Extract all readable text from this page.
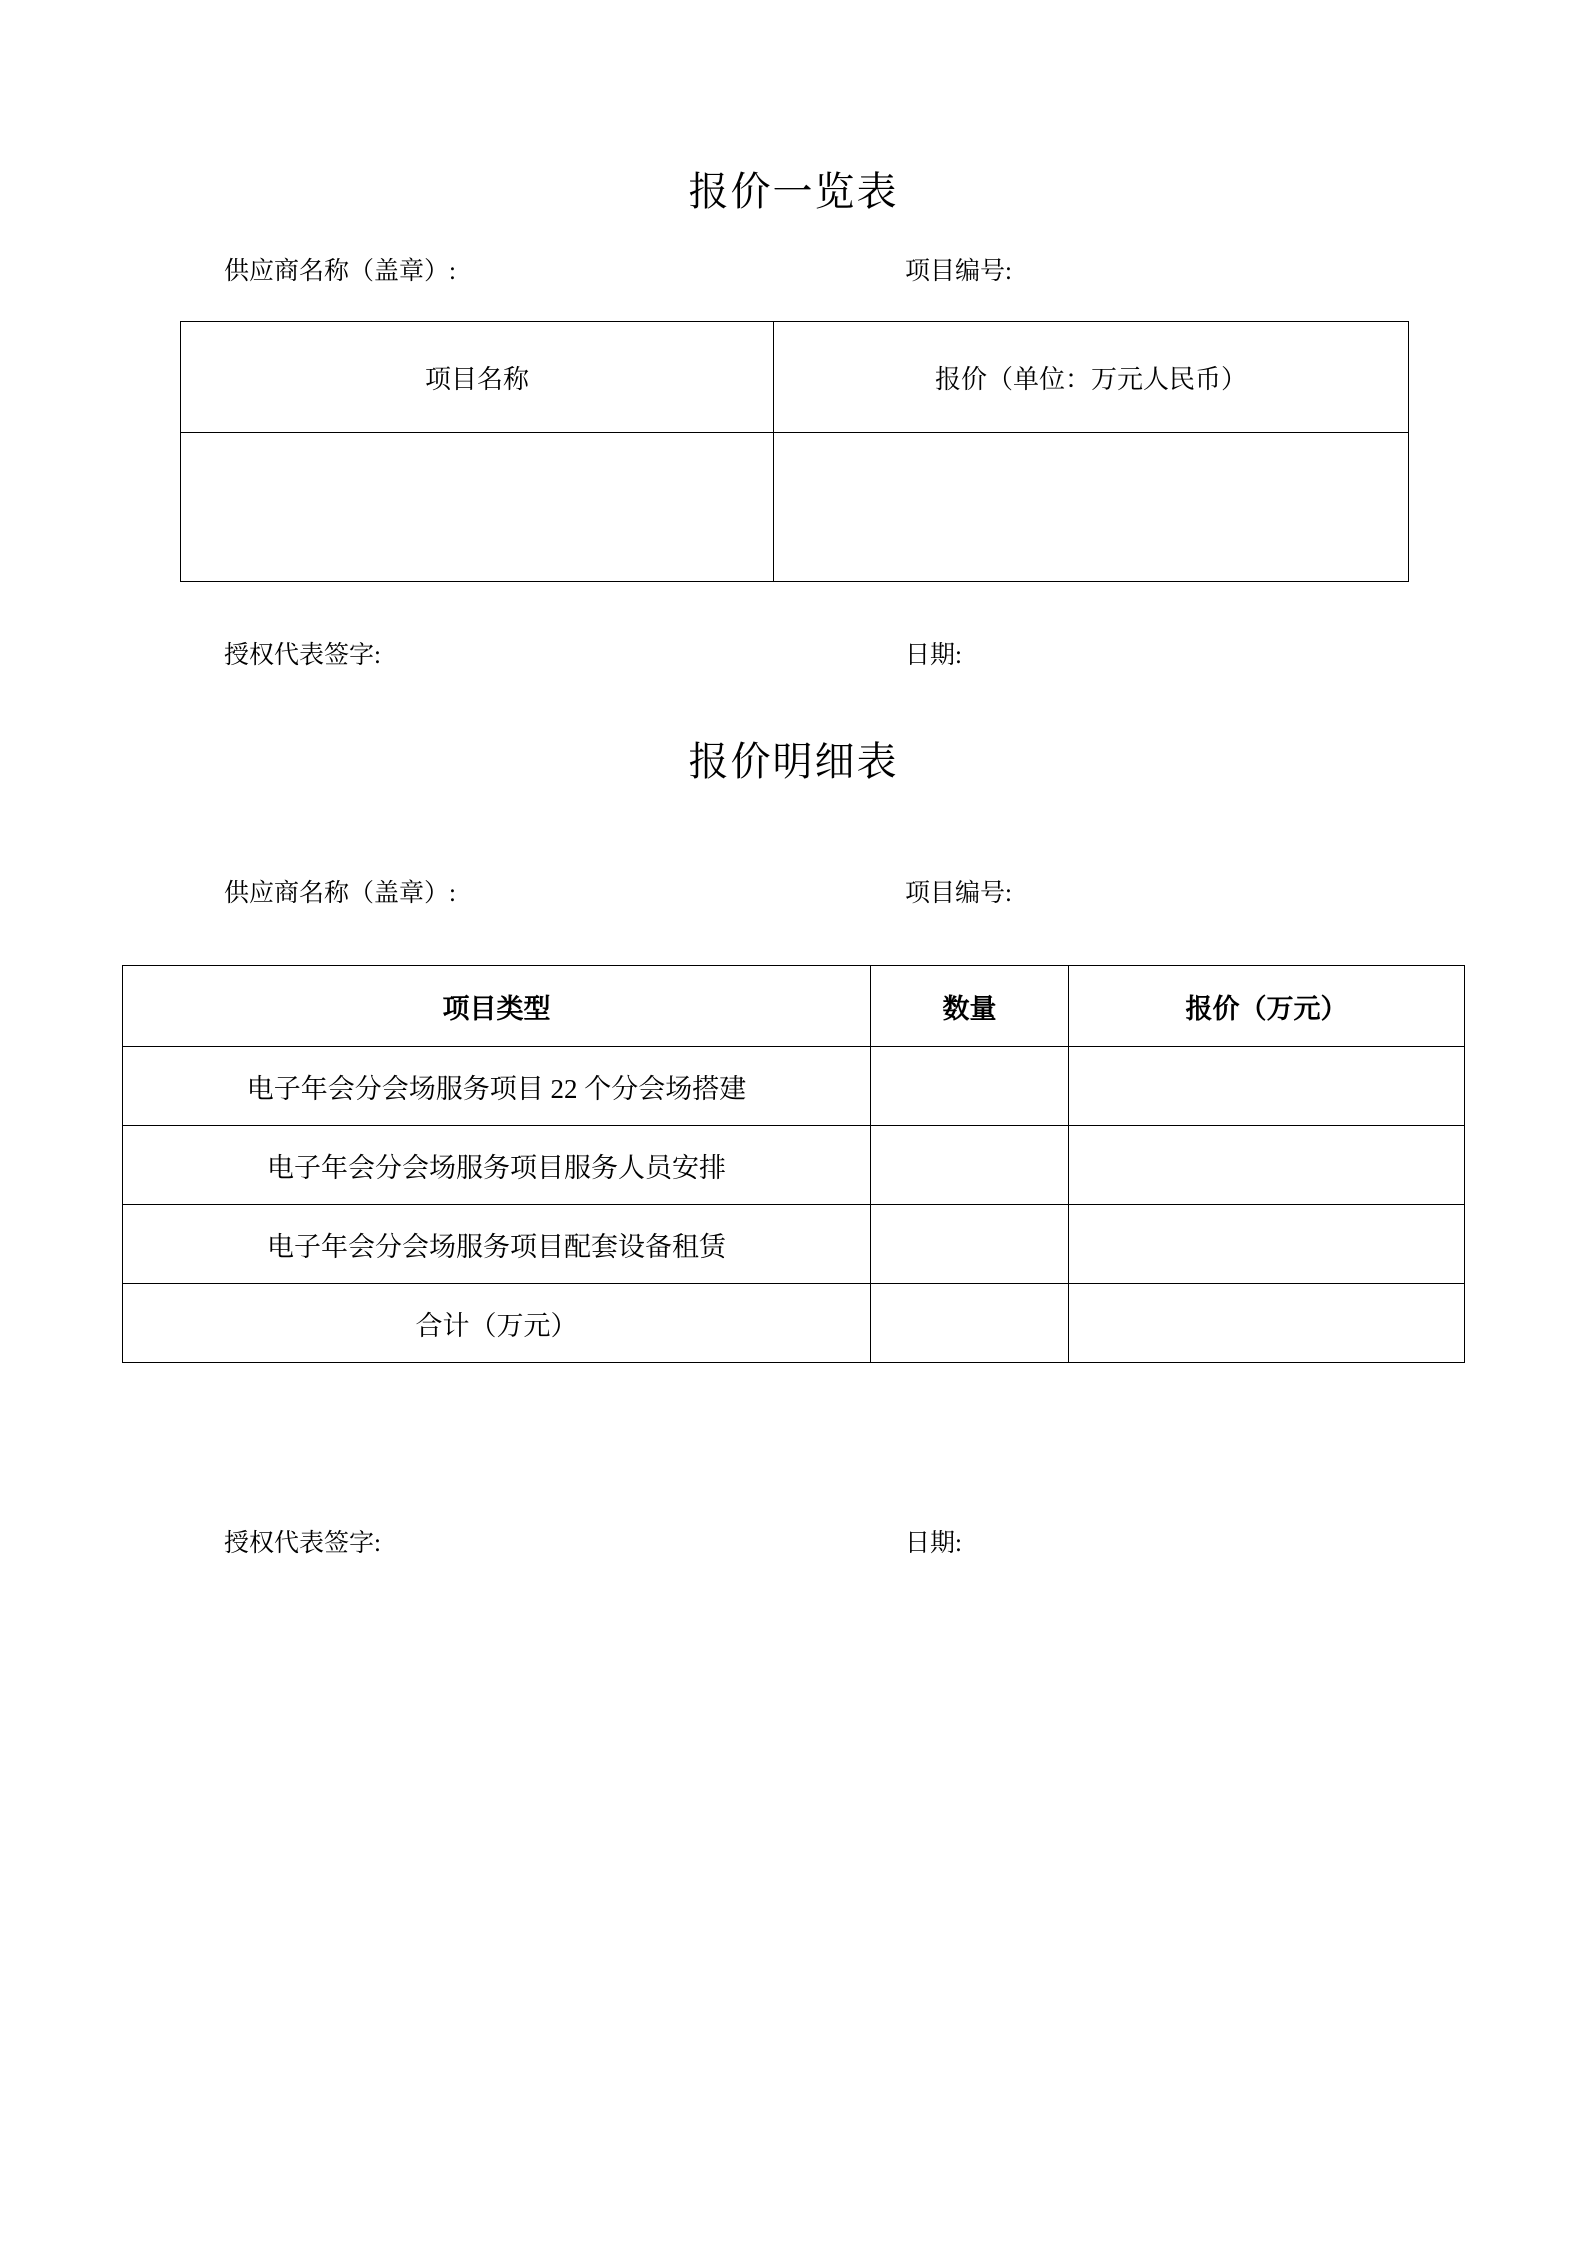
报价一览表
供应商名称（盖章）:	项目编号:
项目名称	报价（单位：万元人民币）

授权代表签字:	日期:
报价明细表
供应商名称（盖章）:	项目编号:
项目类型	数量	报价（万元）
电子年会分会场服务项目 22 个分会场搭建		
电子年会分会场服务项目服务人员安排		
电子年会分会场服务项目配套设备租赁		
合计（万元）		
授权代表签字:	日期:
